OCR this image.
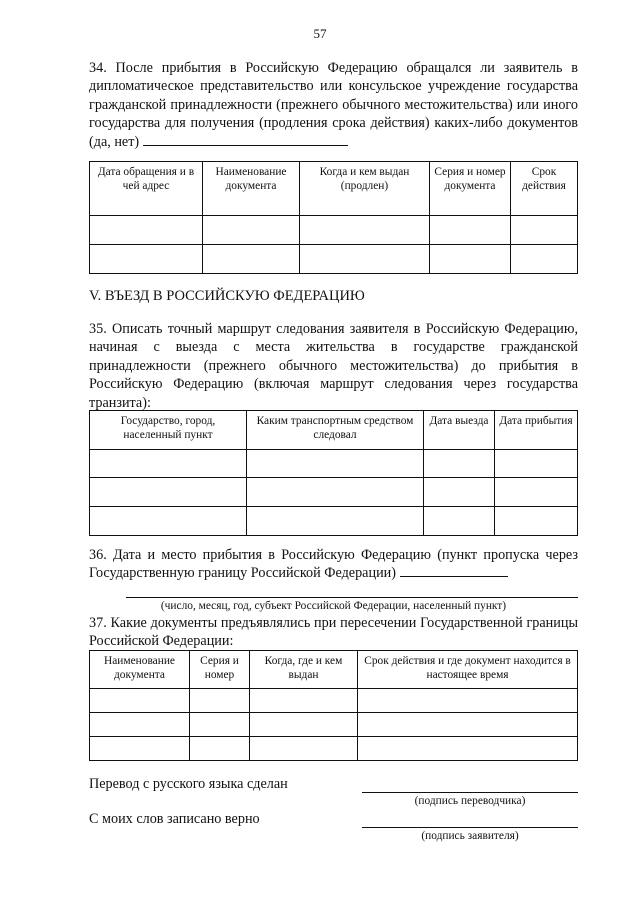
57

34. После прибытия в Российскую Федерацию обращался ли заявитель в дипломатическое представительство или консульское учреждение государства гражданской принадлежности (прежнего обычного местожительства) или иного государства для получения (продления срока действия) каких-либо документов (да, нет)

Дата обращения и в чей адрес	Наименование документа	Когда и кем выдан (продлен)	Серия и номер документа	Срок действия

V. ВЪЕЗД В РОССИЙСКУЮ ФЕДЕРАЦИЮ

35. Описать точный маршрут следования заявителя в Российскую Федерацию, начиная с выезда с места жительства в государстве гражданской принадлежности (прежнего обычного местожительства) до прибытия в Российскую Федерацию (включая маршрут следования через государства транзита):

Государство, город, населенный пункт	Каким транспортным средством следовал	Дата выезда	Дата прибытия

36. Дата и место прибытия в Российскую Федерацию (пункт пропуска через Государственную границу Российской Федерации)

(число, месяц, год, субъект Российской Федерации, населенный пункт)

37. Какие документы предъявлялись при пересечении Государственной границы Российской Федерации:

Наименование документа	Серия и номер	Когда, где и кем выдан	Срок действия и где документ находится в настоящее время

Перевод с русского языка сделан
(подпись переводчика)
С моих слов записано верно
(подпись заявителя)
